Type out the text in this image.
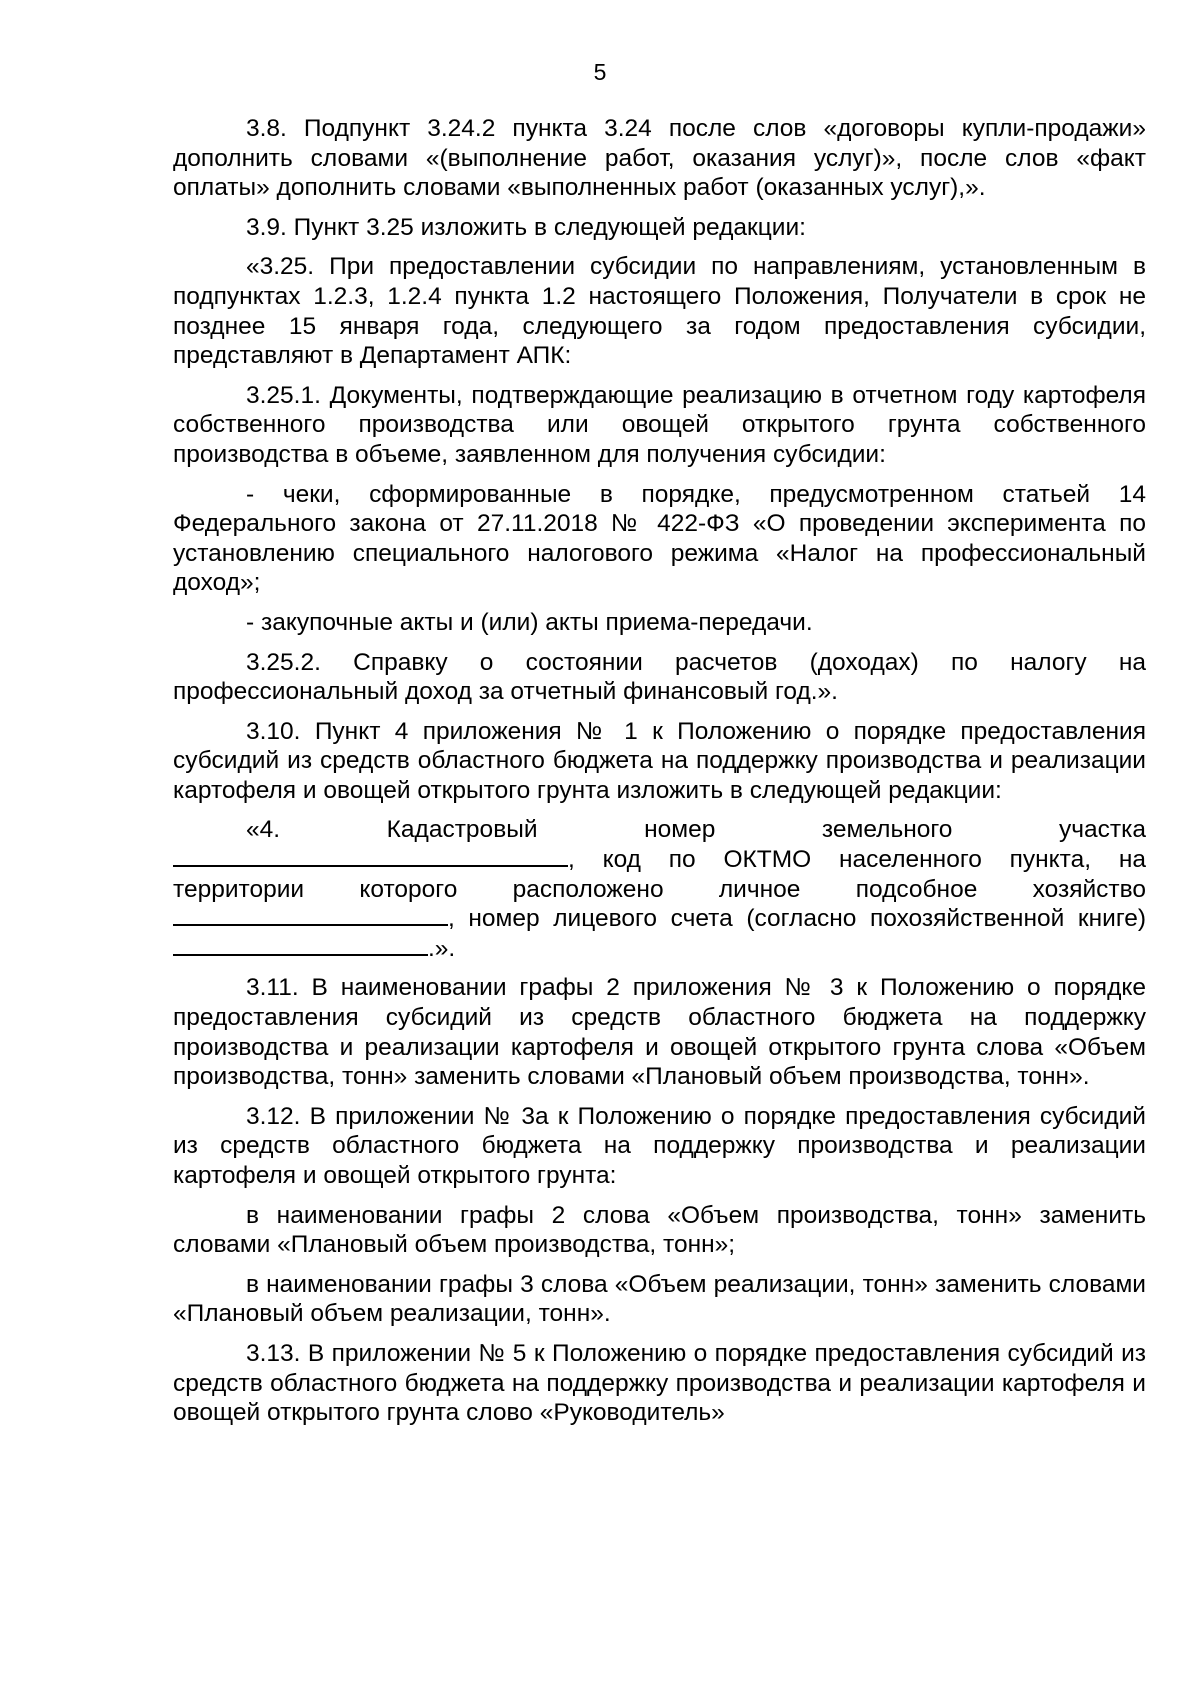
5

3.8. Подпункт 3.24.2 пункта 3.24 после слов «договоры купли-продажи» дополнить словами «(выполнение работ, оказания услуг)», после слов «факт оплаты» дополнить словами «выполненных работ (оказанных услуг),».

3.9. Пункт 3.25 изложить в следующей редакции:

«3.25. При предоставлении субсидии по направлениям, установленным в подпунктах 1.2.3, 1.2.4 пункта 1.2 настоящего Положения, Получатели в срок не позднее 15 января года, следующего за годом предоставления субсидии, представляют в Департамент АПК:

3.25.1. Документы, подтверждающие реализацию в отчетном году картофеля собственного производства или овощей открытого грунта собственного производства в объеме, заявленном для получения субсидии:

- чеки, сформированные в порядке, предусмотренном статьей 14 Федерального закона от 27.11.2018 № 422-ФЗ «О проведении эксперимента по установлению специального налогового режима «Налог на профессиональный доход»;

- закупочные акты и (или) акты приема-передачи.

3.25.2. Справку о состоянии расчетов (доходах) по налогу на профессиональный доход за отчетный финансовый год.».

3.10. Пункт 4 приложения № 1 к Положению о порядке предоставления субсидий из средств областного бюджета на поддержку производства и реализации картофеля и овощей открытого грунта изложить в следующей редакции:

«4. Кадастровый номер земельного участка , код по ОКТМО населенного пункта, на территории которого расположено личное подсобное хозяйство , номер лицевого счета (согласно похозяйственной книге) .».

3.11. В наименовании графы 2 приложения № 3 к Положению о порядке предоставления субсидий из средств областного бюджета на поддержку производства и реализации картофеля и овощей открытого грунта слова «Объем производства, тонн» заменить словами «Плановый объем производства, тонн».

3.12. В приложении № 3а к Положению о порядке предоставления субсидий из средств областного бюджета на поддержку производства и реализации картофеля и овощей открытого грунта:

в наименовании графы 2 слова «Объем производства, тонн» заменить словами «Плановый объем производства, тонн»;

в наименовании графы 3 слова «Объем реализации, тонн» заменить словами «Плановый объем реализации, тонн».

3.13. В приложении № 5 к Положению о порядке предоставления субсидий из средств областного бюджета на поддержку производства и реализации картофеля и овощей открытого грунта слово «Руководитель»
